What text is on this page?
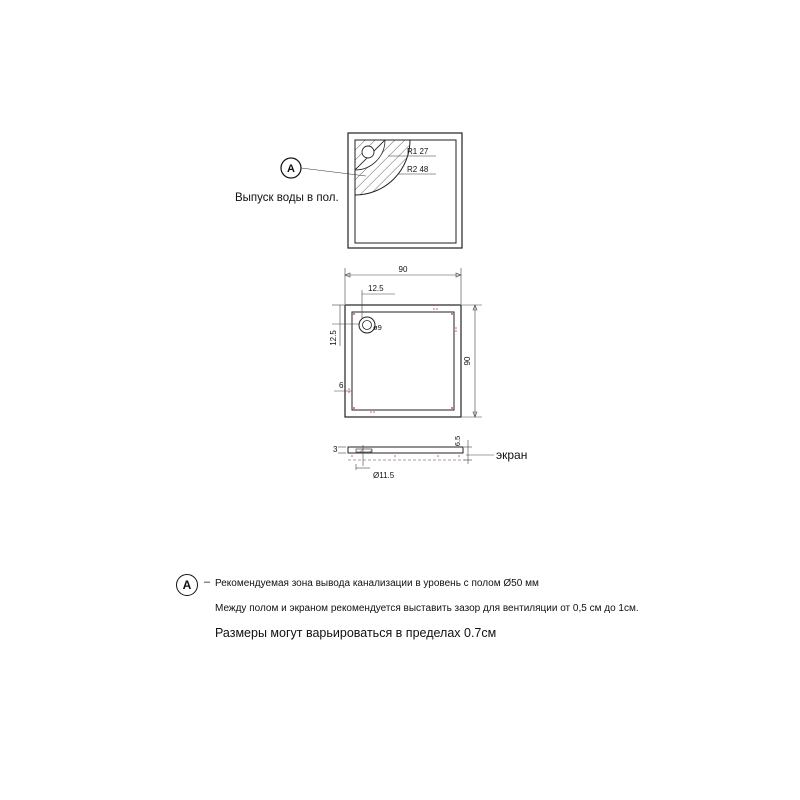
R1 27
R2 48
A
Выпуск воды в пол.
ø9
90
12.5
90
12.5
6
3
6.5
Ø11.5
экран
A	– Рекомендуемая зона вывода канализации в уровень с полом Ø50 мм
Между полом и экраном рекомендуется выставить зазор для вентиляции от 0,5 см до 1см.
Размеры могут варьироваться в пределах 0.7см
